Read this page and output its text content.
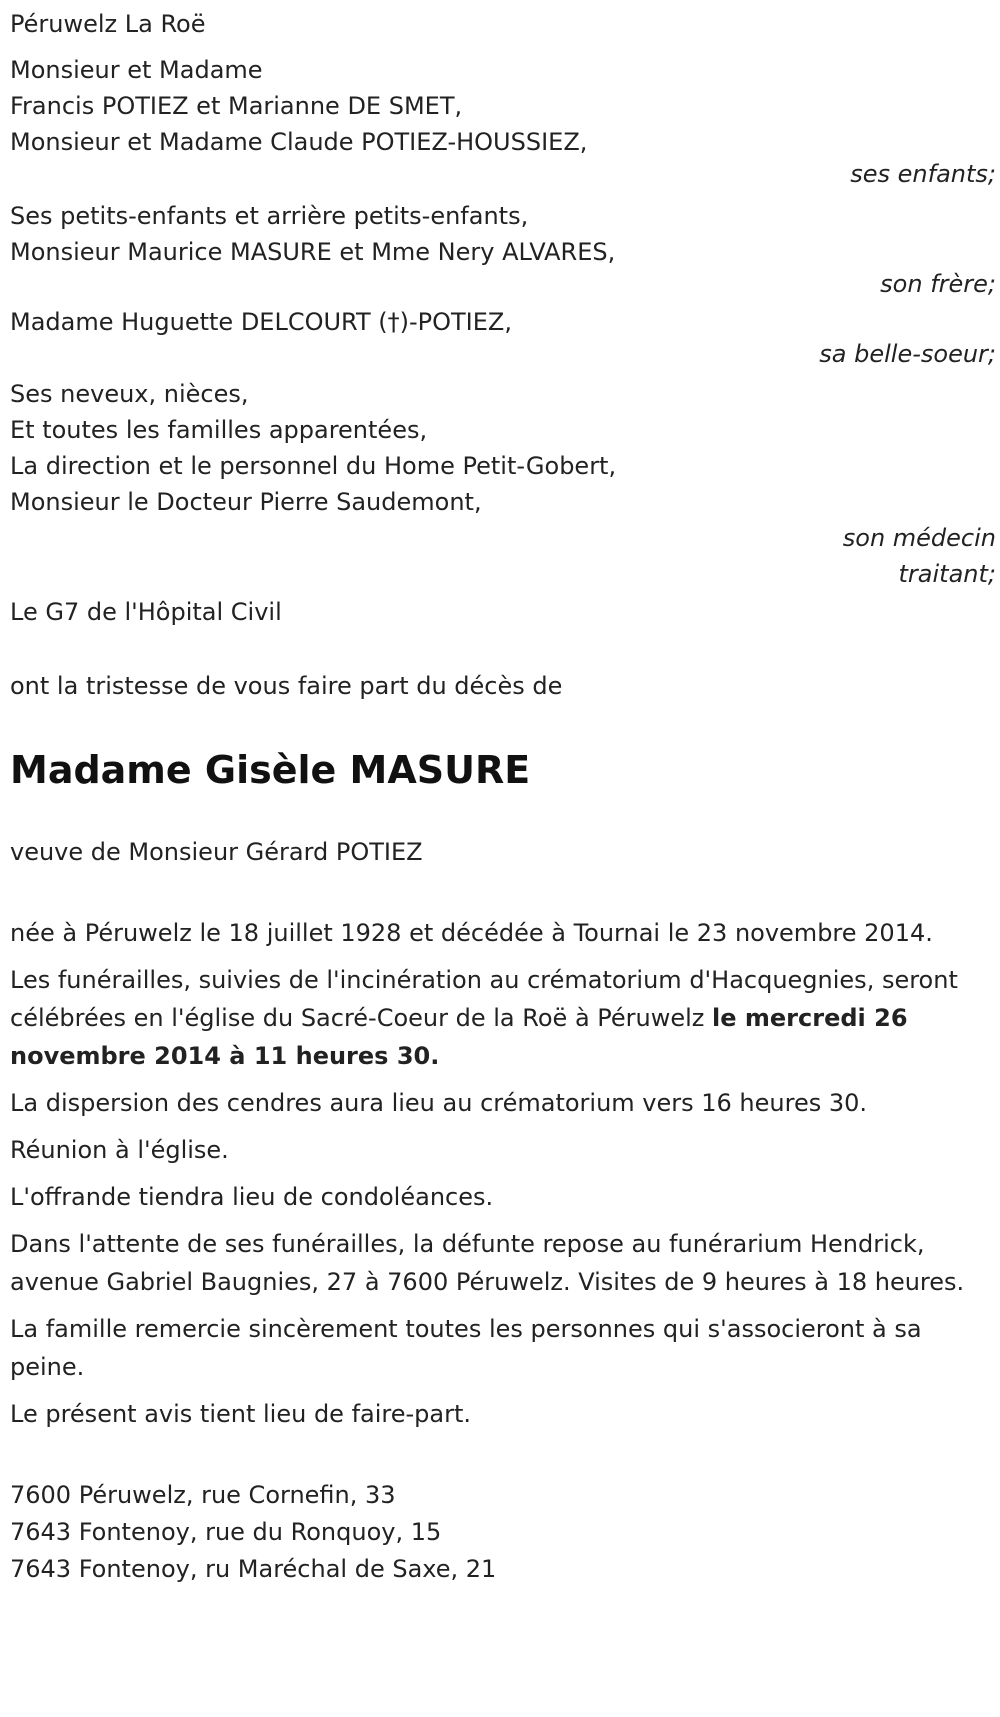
Péruwelz La Roë
Monsieur et Madame
Francis POTIEZ et Marianne DE SMET,
Monsieur et Madame Claude POTIEZ-HOUSSIEZ,
ses enfants;
Ses petits-enfants et arrière petits-enfants,
Monsieur Maurice MASURE et Mme Nery ALVARES,
son frère;
Madame Huguette DELCOURT (†)-POTIEZ,
sa belle-soeur;
Ses neveux, nièces,
Et toutes les familles apparentées,
La direction et le personnel du Home Petit-Gobert,
Monsieur le Docteur Pierre Saudemont,
son médecin
traitant;
Le G7 de l'Hôpital Civil
ont la tristesse de vous faire part du décès de
Madame Gisèle MASURE
veuve de Monsieur Gérard POTIEZ
née à Péruwelz le 18 juillet 1928 et décédée à Tournai le 23 novembre 2014.
Les funérailles, suivies de l'incinération au crématorium d'Hacquegnies, seront célébrées en l'église du Sacré-Coeur de la Roë à Péruwelz le mercredi 26 novembre 2014 à 11 heures 30.
La dispersion des cendres aura lieu au crématorium vers 16 heures 30.
Réunion à l'église.
L'offrande tiendra lieu de condoléances.
Dans l'attente de ses funérailles, la défunte repose au funérarium Hendrick, avenue Gabriel Baugnies, 27 à 7600 Péruwelz. Visites de 9 heures à 18 heures.
La famille remercie sincèrement toutes les personnes qui s'associeront à sa peine.
Le présent avis tient lieu de faire-part.
7600 Péruwelz, rue Cornefin, 33
7643 Fontenoy, rue du Ronquoy, 15
7643 Fontenoy, ru Maréchal de Saxe, 21
